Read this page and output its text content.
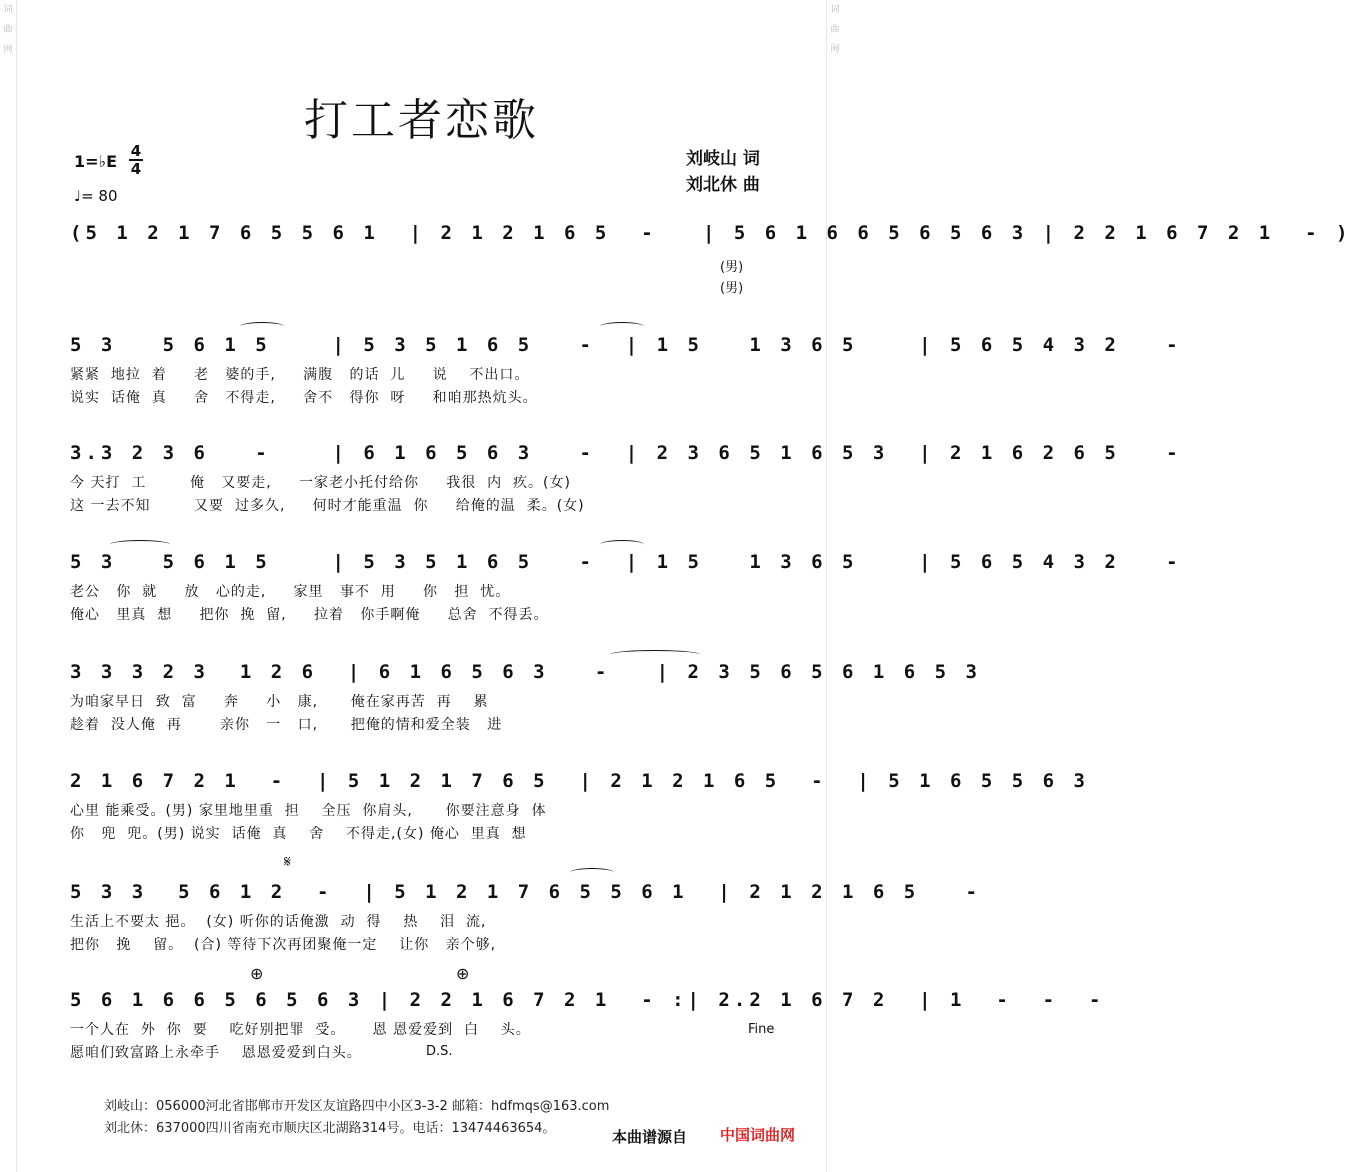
词曲网
词曲网
打工者恋歌
1=♭E
4
4
♩= 80
刘岐山 词
刘北休 曲
(5 1 2 1 7 6 5 5 6 1  | 2 1 2 1 6 5  -   | 5 6 1 6 6 5 6 5 6 3 | 2 2 1 6 7 2 1  - )
(男)
(男)
5 3   5 6 1 5    | 5 3 5 1 6 5   -  | 1 5   1 3 6 5    | 5 6 5 4 3 2   -
紧紧  地拉  着     老   婆的手,     满腹   的话  儿     说    不出口。
说实  话俺  真     舍   不得走,     舍不   得你  呀     和咱那热炕头。
3.3 2 3 6   -    | 6 1 6 5 6 3   -  | 2 3 6 5 1 6 5 3  | 2 1 6 2 6 5   -
今 天打  工        俺   又要走,     一家老小托付给你     我很  内  疚。(女)
这 一去不知        又要  过多久,     何时才能重温  你     给俺的温  柔。(女)
5 3   5 6 1 5    | 5 3 5 1 6 5   -  | 1 5   1 3 6 5    | 5 6 5 4 3 2   -
老公   你  就     放   心的走,     家里   事不  用     你   担  忧。
俺心   里真  想     把你  挽  留,     拉着   你手啊俺     总舍  不得丢。
3 3 3 2 3  1 2 6  | 6 1 6 5 6 3   -   | 2 3 5 6 5 6 1 6 5 3
为咱家早日  致  富     奔     小   康,      俺在家再苦  再    累
趁着  没人俺  再       亲你   一   口,      把俺的情和爱全装   进
2 1 6 7 2 1  -  | 5 1 2 1 7 6 5  | 2 1 2 1 6 5  -  | 5 1 6 5 5 6 3
心里 能乘受。(男) 家里地里重  担    全压  你肩头,      你要注意身  体
你   兜  兜。(男) 说实  话俺  真    舍    不得走,(女) 俺心  里真  想
𝄋
5 3 3  5 6 1 2  -  | 5 1 2 1 7 6 5 5 6 1  | 2 1 2 1 6 5   -
生活上不要太 挹。  (女) 听你的话俺激  动  得    热    泪  流,
把你   挽    留。  (合) 等待下次再团聚俺一定    让你   亲个够,
⊕	⊕
5 6 1 6 6 5 6 5 6 3 | 2 2 1 6 7 2 1  - :| 2.2 1 6 7 2  | 1  -  -  -
一个人在  外  你  要    吃好别把罪  受。     恩 恩爱爱到  白    头。
愿咱们致富路上永牵手    恩恩爱爱到白头。
Fine
D.S.
刘岐山：056000河北省邯郸市开发区友谊路四中小区3-3-2 邮箱：hdfmqs@163.com
刘北休：637000四川省南充市顺庆区北湖路314号。电话：13474463654。	本曲谱源自 中国词曲网
